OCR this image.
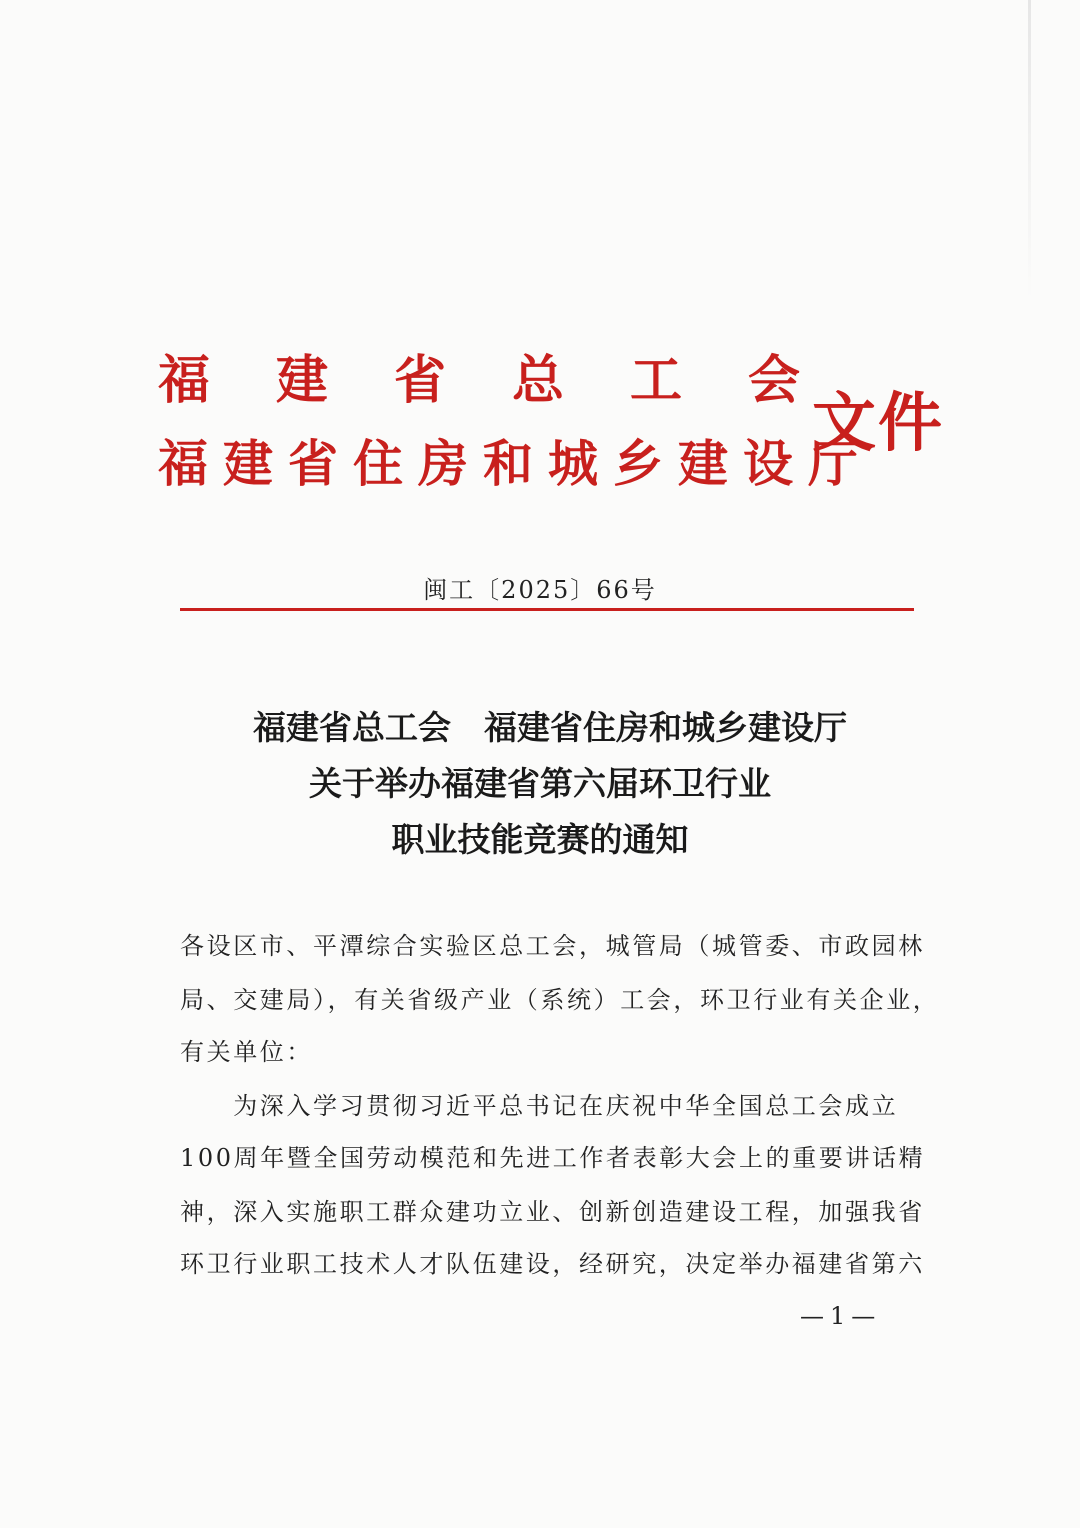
福建省总工会
福建省住房和城乡建设厅
文件
闽工〔2025〕66号
福建省总工会　福建省住房和城乡建设厅
关于举办福建省第六届环卫行业
职业技能竞赛的通知
各设区市、平潭综合实验区总工会，城管局（城管委、市政园林
局、交建局），有关省级产业（系统）工会，环卫行业有关企业，
有关单位：
　　为深入学习贯彻习近平总书记在庆祝中华全国总工会成立
100周年暨全国劳动模范和先进工作者表彰大会上的重要讲话精
神，深入实施职工群众建功立业、创新创造建设工程，加强我省
环卫行业职工技术人才队伍建设，经研究，决定举办福建省第六
—1—
